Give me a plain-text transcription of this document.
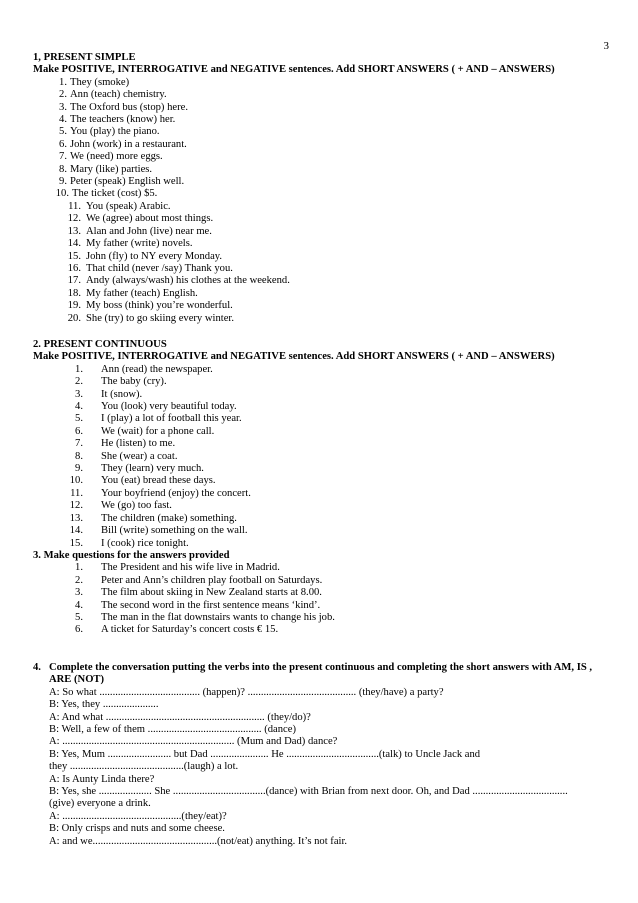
3
1, PRESENT SIMPLE
Make POSITIVE, INTERROGATIVE and NEGATIVE sentences. Add SHORT ANSWERS ( + AND – ANSWERS)
1. They (smoke)
2. Ann (teach) chemistry.
3. The Oxford bus (stop) here.
4. The teachers (know) her.
5. You (play) the piano.
6. John (work) in a restaurant.
7. We (need) more eggs.
8. Mary (like) parties.
9. Peter (speak) English well.
10. The ticket (cost) $5.
11. You (speak) Arabic.
12. We (agree) about most things.
13. Alan and John (live) near me.
14. My father (write) novels.
15. John (fly) to NY every Monday.
16. That child (never /say) Thank you.
17. Andy (always/wash) his clothes at the weekend.
18. My father (teach) English.
19. My boss (think) you’re wonderful.
20. She (try) to go skiing every winter.
2. PRESENT CONTINUOUS
Make POSITIVE, INTERROGATIVE and NEGATIVE sentences. Add SHORT ANSWERS ( + AND – ANSWERS)
1.	Ann (read) the newspaper.
2.	The baby (cry).
3.	It (snow).
4.	You (look) very beautiful today.
5.	I (play) a lot of football this year.
6.	We (wait) for a phone call.
7.	He (listen) to me.
8.	She (wear) a coat.
9.	They (learn) very much.
10.	You (eat) bread these days.
11.	Your boyfriend (enjoy) the concert.
12.	We (go) too fast.
13.	The children (make) something.
14.	Bill (write) something on the wall.
15.	I (cook) rice tonight.
3. Make questions for the answers provided
1.	The President and his wife live in Madrid.
2.	Peter and Ann’s children play football on Saturdays.
3.	The film about skiing in New Zealand starts at 8.00.
4.	The second word in the first sentence means ‘kind’.
5.	The man in the flat downstairs wants to change his job.
6.	A ticket for Saturday’s concert costs € 15.
4. Complete the conversation putting the verbs into the present continuous and completing the short answers with AM, IS , ARE (NOT)
A: So what ...................................... (happen)? ......................................... (they/have) a party?
B: Yes, they .....................
A: And what ............................................................ (they/do)?
B: Well, a few of them ........................................... (dance)
A: ................................................................. (Mum and Dad) dance?
B: Yes, Mum ........................ but Dad ...................... He ...................................(talk) to Uncle Jack and
they ...........................................(laugh) a lot.
A: Is Aunty Linda there?
B: Yes, she .................... She ...................................(dance) with Brian from next door. Oh, and Dad ....................................
(give) everyone a drink.
A: .............................................(they/eat)?
B: Only crisps and nuts and some cheese.
A: and we...............................................(not/eat) anything. It’s not fair.
